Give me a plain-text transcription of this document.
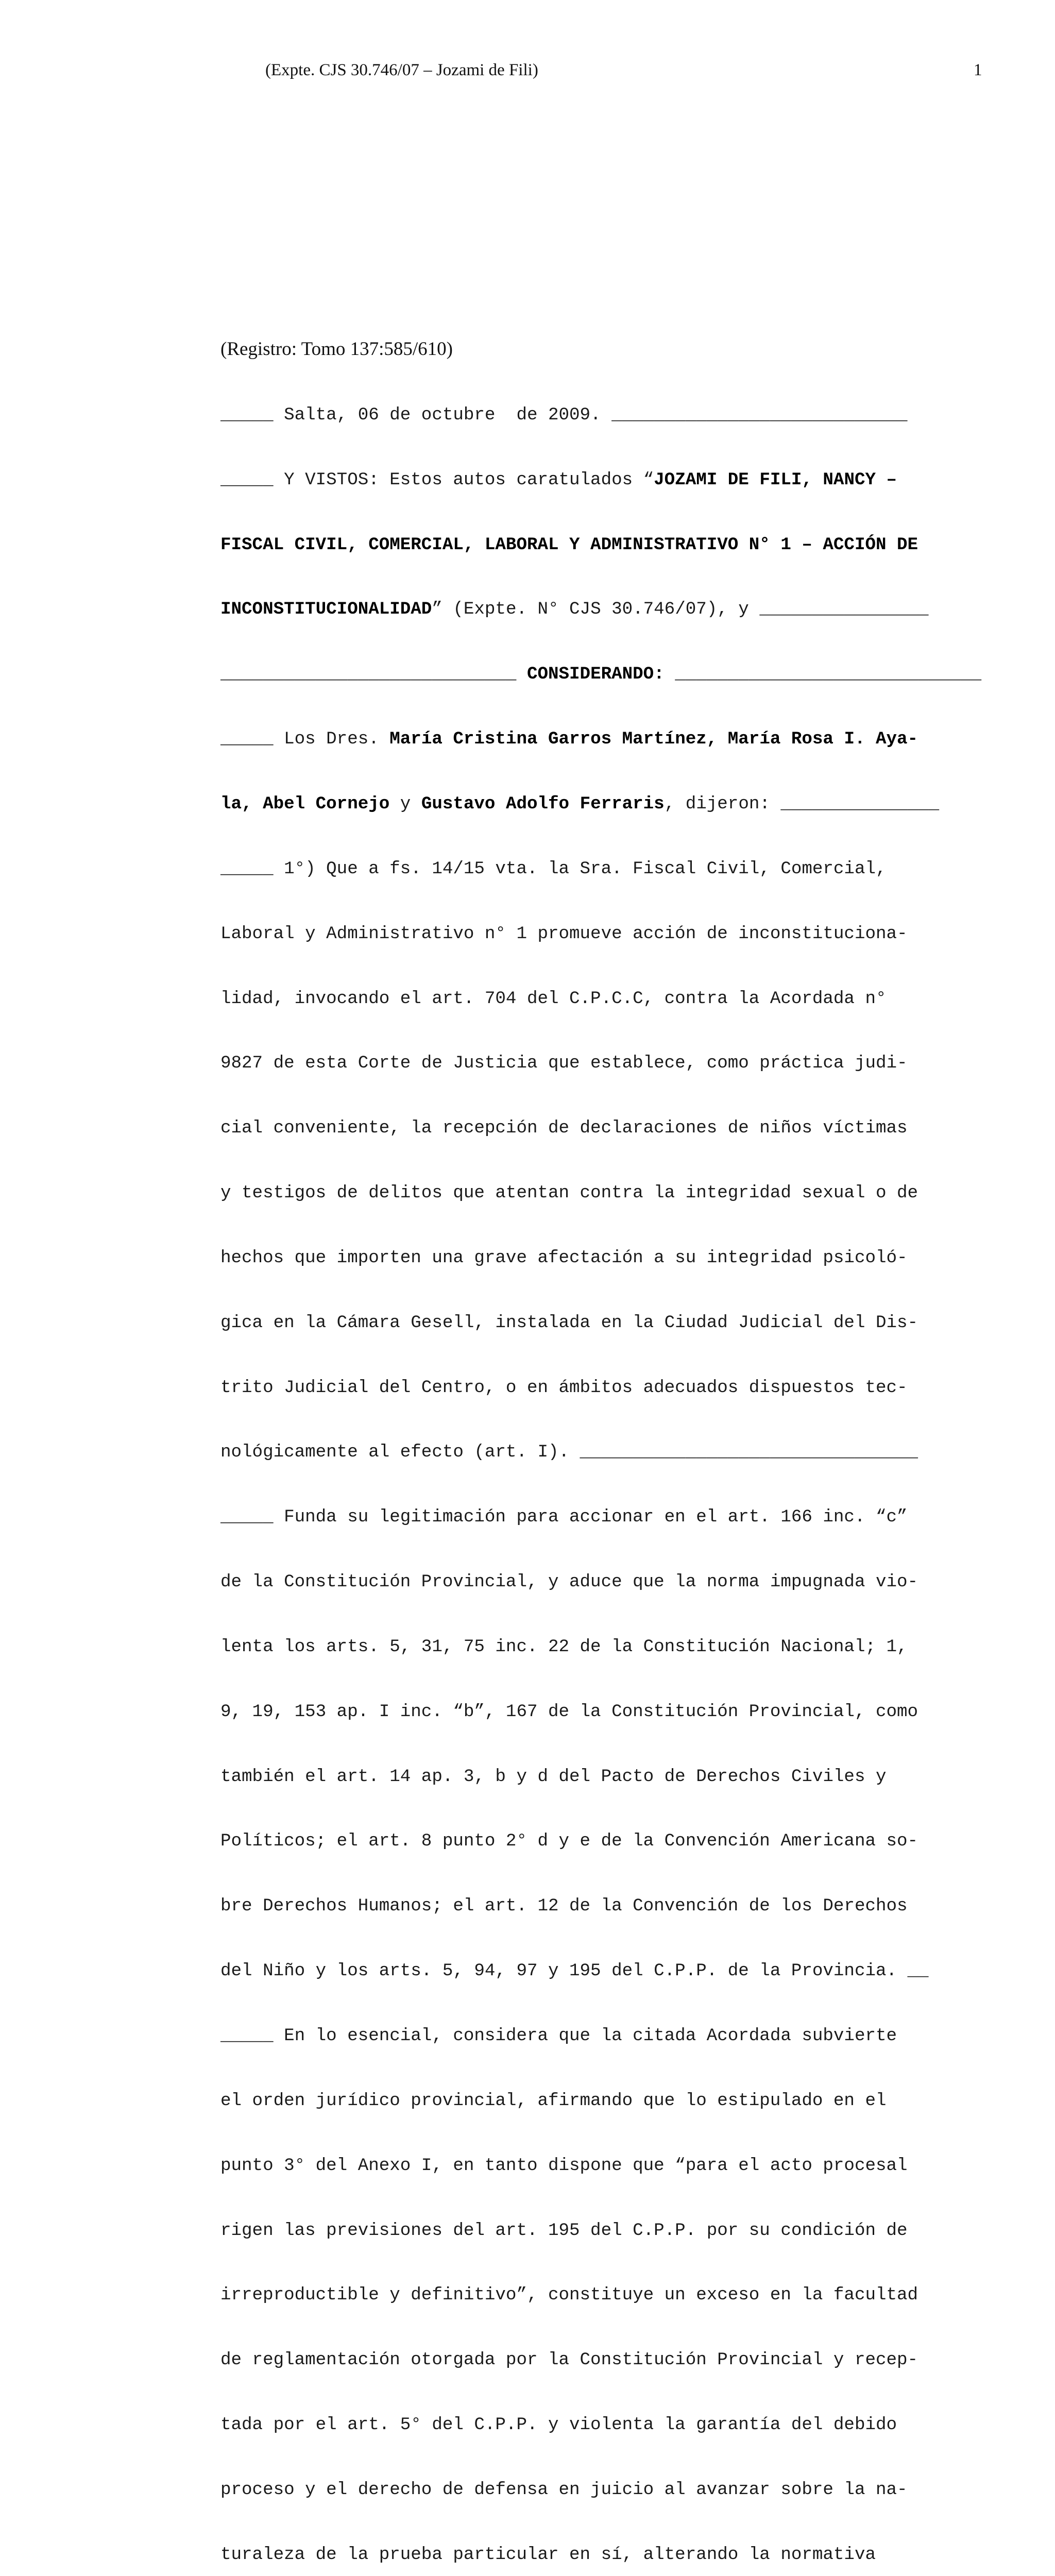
(Expte. CJS 30.746/07 – Jozami de Fili)	1
(Registro: Tomo 137:585/610)

_____ Salta, 06 de octubre  de 2009. ____________________________

_____ Y VISTOS: Estos autos caratulados “JOZAMI DE FILI, NANCY –

FISCAL CIVIL, COMERCIAL, LABORAL Y ADMINISTRATIVO N° 1 – ACCIÓN DE

INCONSTITUCIONALIDAD” (Expte. N° CJS 30.746/07), y ________________

____________________________ CONSIDERANDO: _____________________________

_____ Los Dres. María Cristina Garros Martínez, María Rosa I. Aya-

la, Abel Cornejo y Gustavo Adolfo Ferraris, dijeron: _______________

_____ 1°) Que a fs. 14/15 vta. la Sra. Fiscal Civil, Comercial,

Laboral y Administrativo n° 1 promueve acción de inconstituciona-

lidad, invocando el art. 704 del C.P.C.C, contra la Acordada n°

9827 de esta Corte de Justicia que establece, como práctica judi-

cial conveniente, la recepción de declaraciones de niños víctimas

y testigos de delitos que atentan contra la integridad sexual o de

hechos que importen una grave afectación a su integridad psicoló-

gica en la Cámara Gesell, instalada en la Ciudad Judicial del Dis-

trito Judicial del Centro, o en ámbitos adecuados dispuestos tec-

nológicamente al efecto (art. I). ________________________________

_____ Funda su legitimación para accionar en el art. 166 inc. “c”

de la Constitución Provincial, y aduce que la norma impugnada vio-

lenta los arts. 5, 31, 75 inc. 22 de la Constitución Nacional; 1,

9, 19, 153 ap. I inc. “b”, 167 de la Constitución Provincial, como

también el art. 14 ap. 3, b y d del Pacto de Derechos Civiles y

Políticos; el art. 8 punto 2° d y e de la Convención Americana so-

bre Derechos Humanos; el art. 12 de la Convención de los Derechos

del Niño y los arts. 5, 94, 97 y 195 del C.P.P. de la Provincia. __

_____ En lo esencial, considera que la citada Acordada subvierte

el orden jurídico provincial, afirmando que lo estipulado en el

punto 3° del Anexo I, en tanto dispone que “para el acto procesal

rigen las previsiones del art. 195 del C.P.P. por su condición de

irreproductible y definitivo”, constituye un exceso en la facultad

de reglamentación otorgada por la Constitución Provincial y recep-

tada por el art. 5° del C.P.P. y violenta la garantía del debido

proceso y el derecho de defensa en juicio al avanzar sobre la na-

turaleza de la prueba particular en sí, alterando la normativa
